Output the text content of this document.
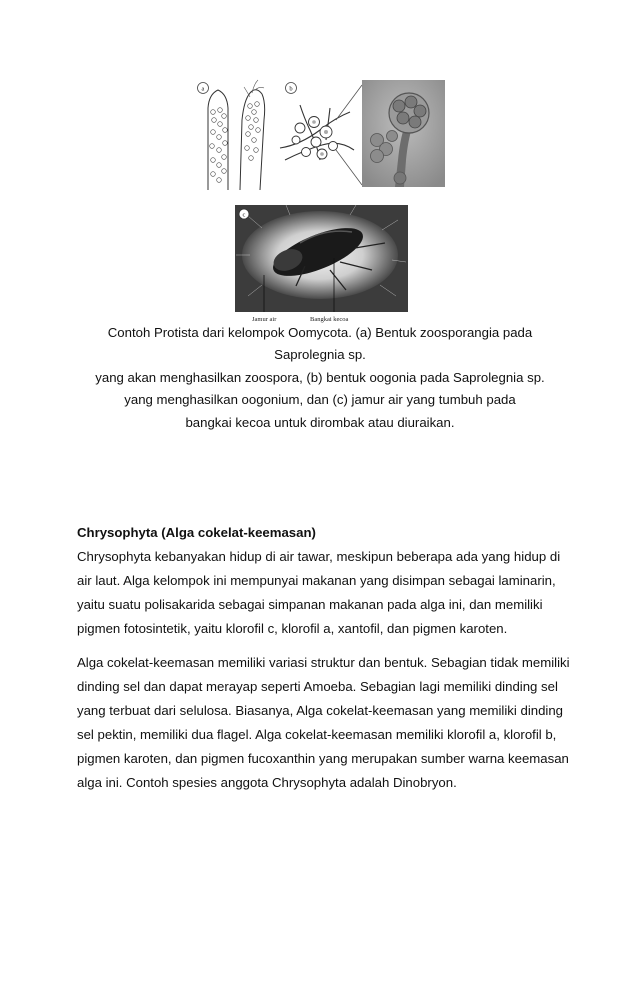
a	b
c
Jamur air	Bangkai kecoa
Contoh Protista dari kelompok Oomycota. (a) Bentuk zoosporangia pada
Saprolegnia sp.
yang akan menghasilkan zoospora, (b) bentuk oogonia pada Saprolegnia sp.
yang menghasilkan oogonium, dan (c) jamur air yang tumbuh pada
bangkai kecoa untuk dirombak atau diuraikan.
Chrysophyta (Alga cokelat-keemasan)

Chrysophyta kebanyakan hidup di air tawar, meskipun beberapa ada yang hidup di
air laut. Alga kelompok ini mempunyai makanan yang disimpan sebagai laminarin,
yaitu suatu polisakarida sebagai simpanan makanan pada alga ini, dan memiliki
pigmen fotosintetik, yaitu klorofil c, klorofil a, xantofil, dan pigmen karoten.

Alga cokelat-keemasan memiliki variasi struktur dan bentuk. Sebagian tidak memiliki
dinding sel dan dapat merayap seperti Amoeba. Sebagian lagi memiliki dinding sel
yang terbuat dari selulosa. Biasanya, Alga cokelat-keemasan yang memiliki dinding
sel pektin, memiliki dua flagel. Alga cokelat-keemasan memiliki klorofil a, klorofil b,
pigmen karoten, dan pigmen fucoxanthin yang merupakan sumber warna keemasan
alga ini. Contoh spesies anggota Chrysophyta adalah Dinobryon.
